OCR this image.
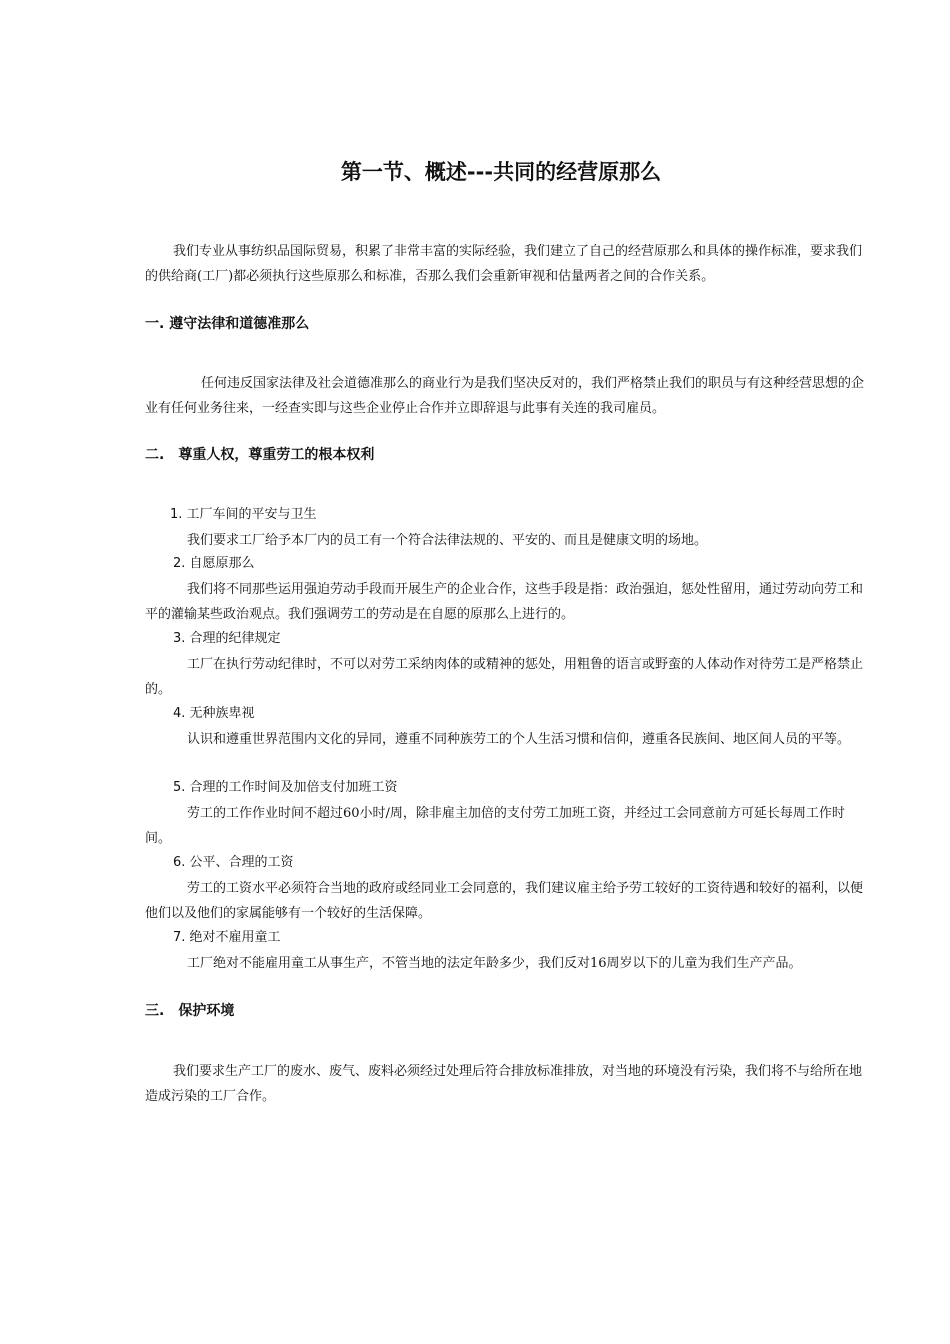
第一节、概述---共同的经营原那么

我们专业从事纺织品国际贸易，积累了非常丰富的实际经验，我们建立了自己的经营原那么和具体的操作标准，要求我们的供给商(工厂)都必须执行这些原那么和标准，否那么我们会重新审视和估量两者之间的合作关系。

一. 遵守法律和道德准那么

任何违反国家法律及社会道德准那么的商业行为是我们坚决反对的，我们严格禁止我们的职员与有这种经营思想的企业有任何业务往来，一经查实即与这些企业停止合作并立即辞退与此事有关连的我司雇员。

二.　尊重人权，尊重劳工的根本权利

1. 工厂车间的平安与卫生

我们要求工厂给予本厂内的员工有一个符合法律法规的、平安的、而且是健康文明的场地。

2. 自愿原那么

我们将不同那些运用强迫劳动手段而开展生产的企业合作，这些手段是指：政治强迫，惩处性留用，通过劳动向劳工和平的灌输某些政治观点。我们强调劳工的劳动是在自愿的原那么上进行的。

3. 合理的纪律规定

工厂在执行劳动纪律时，不可以对劳工采纳肉体的或精神的惩处，用粗鲁的语言或野蛮的人体动作对待劳工是严格禁止的。

4. 无种族卑视

认识和遵重世界范围内文化的异同，遵重不同种族劳工的个人生活习惯和信仰，遵重各民族间、地区间人员的平等。

5. 合理的工作时间及加倍支付加班工资

劳工的工作作业时间不超过60小时/周，除非雇主加倍的支付劳工加班工资，并经过工会同意前方可延长每周工作时间。

6. 公平、合理的工资

劳工的工资水平必须符合当地的政府或经同业工会同意的，我们建议雇主给予劳工较好的工资待遇和较好的福利，以便他们以及他们的家属能够有一个较好的生活保障。

7. 绝对不雇用童工

工厂绝对不能雇用童工从事生产，不管当地的法定年龄多少，我们反对16周岁以下的儿童为我们生产产品。

三.　保护环境

我们要求生产工厂的废水、废气、废料必须经过处理后符合排放标准排放，对当地的环境没有污染，我们将不与给所在地造成污染的工厂合作。
